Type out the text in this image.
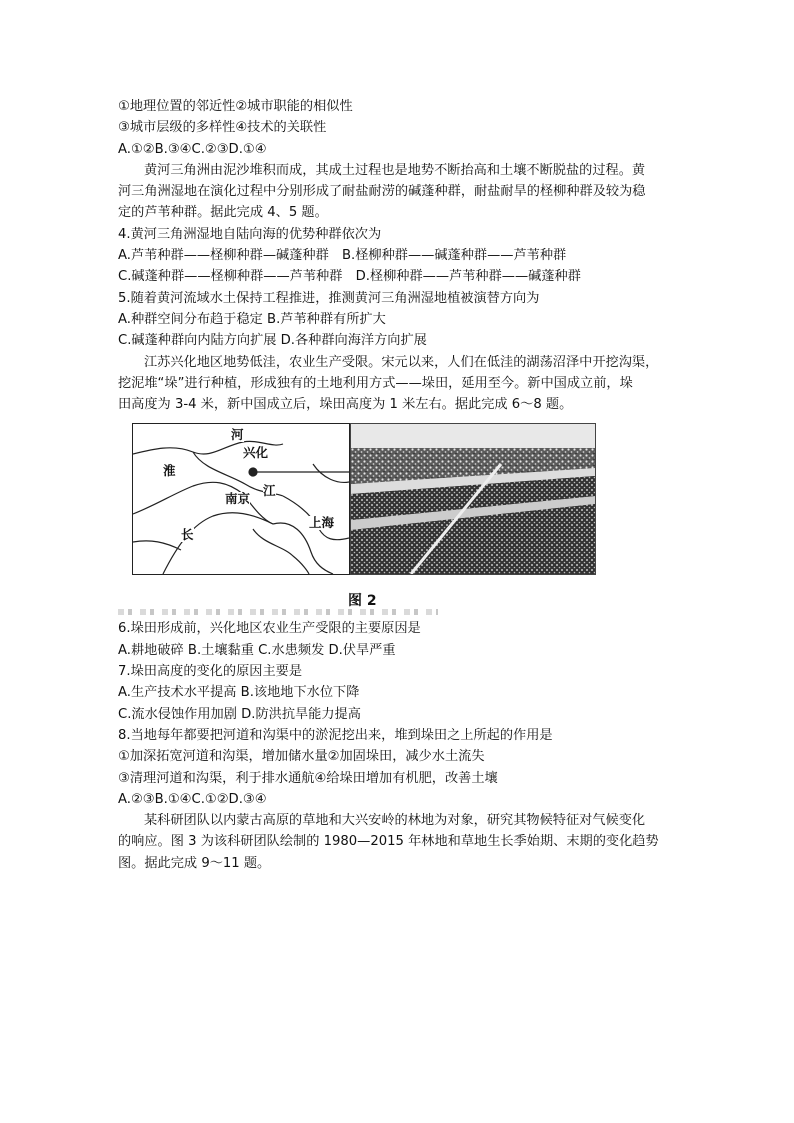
①地理位置的邻近性②城市职能的相似性
③城市层级的多样性④技术的关联性
A.①②B.③④C.②③D.①④
黄河三角洲由泥沙堆积而成，其成土过程也是地势不断抬高和土壤不断脱盐的过程。黄
河三角洲湿地在演化过程中分别形成了耐盐耐涝的碱蓬种群，耐盐耐旱的柽柳种群及较为稳
定的芦苇种群。据此完成 4、5 题。
4.黄河三角洲湿地自陆向海的优势种群依次为
A.芦苇种群——柽柳种群—碱蓬种群　B.柽柳种群——碱蓬种群——芦苇种群
C.碱蓬种群——柽柳种群——芦苇种群　D.柽柳种群——芦苇种群——碱蓬种群
5.随着黄河流域水土保持工程推进，推测黄河三角洲湿地植被演替方向为
A.种群空间分布趋于稳定 B.芦苇种群有所扩大
C.碱蓬种群向内陆方向扩展 D.各种群向海洋方向扩展
江苏兴化地区地势低洼，农业生产受限。宋元以来，人们在低洼的湖荡沼泽中开挖沟渠，
挖泥堆“垛”进行种植，形成独有的土地利用方式——垛田，延用至今。新中国成立前，垛
田高度为 3-4 米，新中国成立后，垛田高度为 1 米左右。据此完成 6～8 题。
河
兴化
淮
江
南京
长
上海
图 2
6.垛田形成前，兴化地区农业生产受限的主要原因是
A.耕地破碎 B.土壤黏重 C.水患频发 D.伏旱严重
7.垛田高度的变化的原因主要是
A.生产技术水平提高 B.该地地下水位下降
C.流水侵蚀作用加剧 D.防洪抗旱能力提高
8.当地每年都要把河道和沟渠中的淤泥挖出来，堆到垛田之上所起的作用是
①加深拓宽河道和沟渠，增加储水量②加固垛田，减少水土流失
③清理河道和沟渠，利于排水通航④给垛田增加有机肥，改善土壤
A.②③B.①④C.①②D.③④
某科研团队以内蒙古高原的草地和大兴安岭的林地为对象，研究其物候特征对气候变化
的响应。图 3 为该科研团队绘制的 1980—2015 年林地和草地生长季始期、末期的变化趋势
图。据此完成 9～11 题。
